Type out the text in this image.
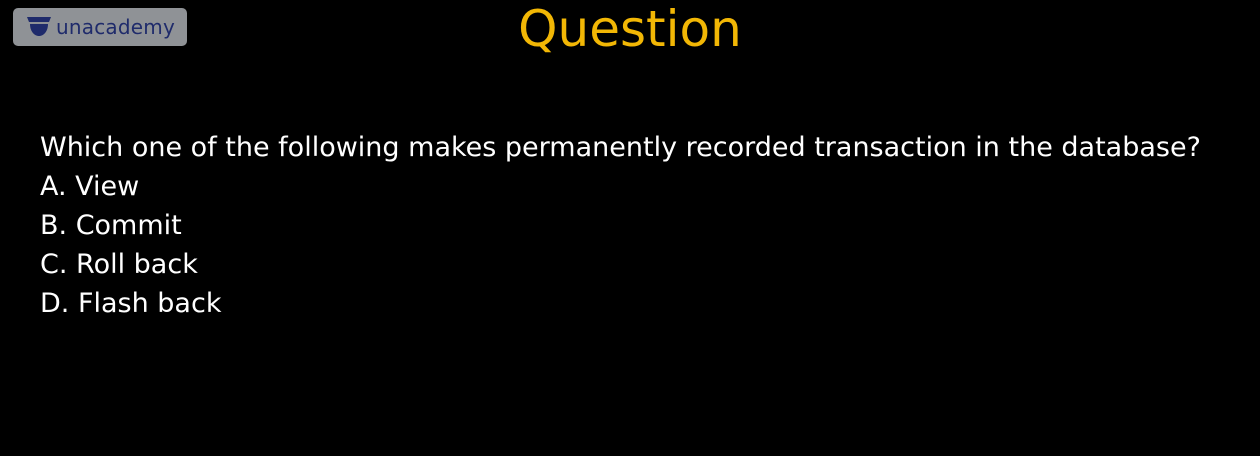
unacademy	Question
Which one of the following makes permanently recorded transaction in the database?
A. View
B. Commit
C. Roll back
D. Flash back
